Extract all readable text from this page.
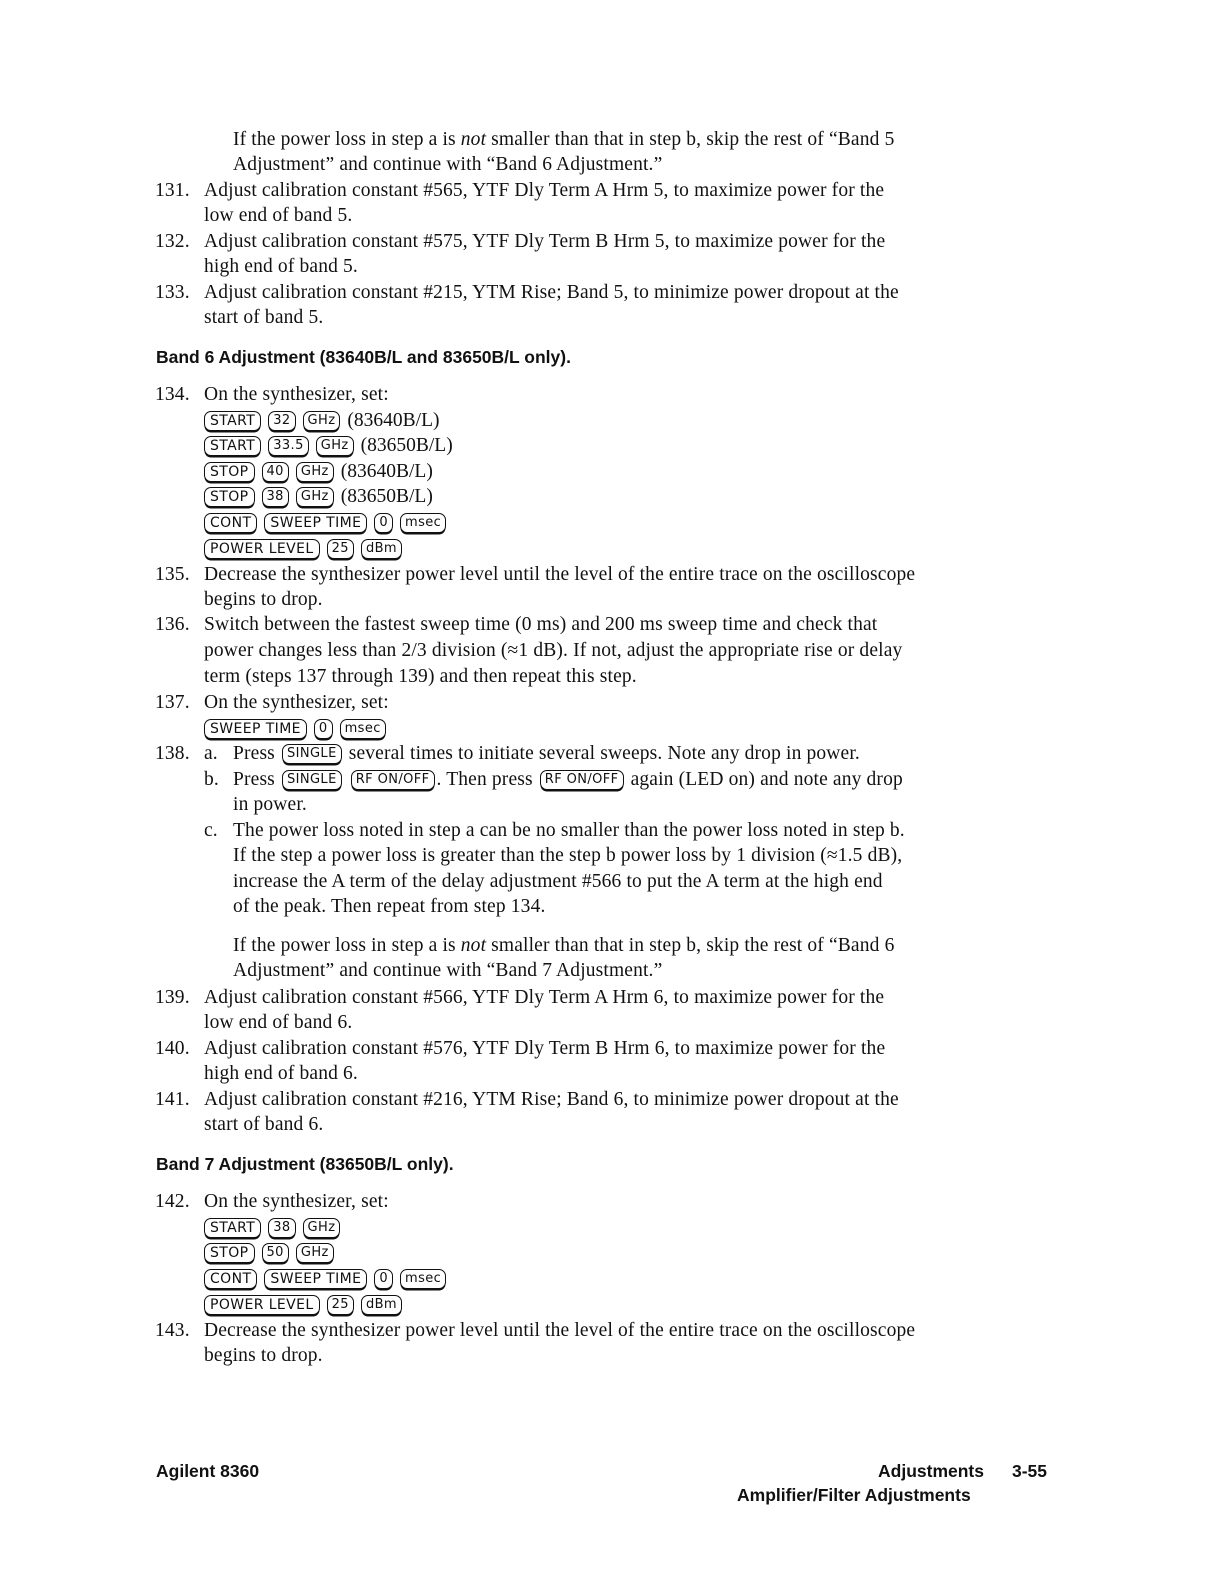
If the power loss in step a is not smaller than that in step b, skip the rest of “Band 5
Adjustment” and continue with “Band 6 Adjustment.”
131. Adjust calibration constant #565, YTF Dly Term A Hrm 5, to maximize power for the
low end of band 5.
132. Adjust calibration constant #575, YTF Dly Term B Hrm 5, to maximize power for the
high end of band 5.
133. Adjust calibration constant #215, YTM Rise; Band 5, to minimize power dropout at the
start of band 5.
Band 6 Adjustment (83640B/L and 83650B/L only).
134. On the synthesizer, set:
START	32	GHz (83640B/L)
START	33.5	GHz (83650B/L)
STOP	40	GHz (83640B/L)
STOP	38	GHz (83650B/L)
CONT	SWEEP TIME	0	msec
POWER LEVEL	25	dBm
135. Decrease the synthesizer power level until the level of the entire trace on the oscilloscope
begins to drop.
136. Switch between the fastest sweep time (0 ms) and 200 ms sweep time and check that
power changes less than 2/3 division (≈1 dB). If not, adjust the appropriate rise or delay
term (steps 137 through 139) and then repeat this step.
137. On the synthesizer, set:
SWEEP TIME	0	msec
138. a. Press SINGLE several times to initiate several sweeps. Note any drop in power.
b. Press SINGLE RF ON/OFF . Then press RF ON/OFF again (LED on) and note any drop
in power.
c. The power loss noted in step a can be no smaller than the power loss noted in step b.
If the step a power loss is greater than the step b power loss by 1 division (≈1.5 dB),
increase the A term of the delay adjustment #566 to put the A term at the high end
of the peak. Then repeat from step 134.
If the power loss in step a is not smaller than that in step b, skip the rest of “Band 6
Adjustment” and continue with “Band 7 Adjustment.”
139. Adjust calibration constant #566, YTF Dly Term A Hrm 6, to maximize power for the
low end of band 6.
140. Adjust calibration constant #576, YTF Dly Term B Hrm 6, to maximize power for the
high end of band 6.
141. Adjust calibration constant #216, YTM Rise; Band 6, to minimize power dropout at the
start of band 6.
Band 7 Adjustment (83650B/L only).
142. On the synthesizer, set:
START	38	GHz
STOP	50	GHz
CONT	SWEEP TIME	0	msec
POWER LEVEL	25	dBm
143. Decrease the synthesizer power level until the level of the entire trace on the oscilloscope
begins to drop.
Agilent 8360	Adjustments 3-55
Amplifier/Filter Adjustments
